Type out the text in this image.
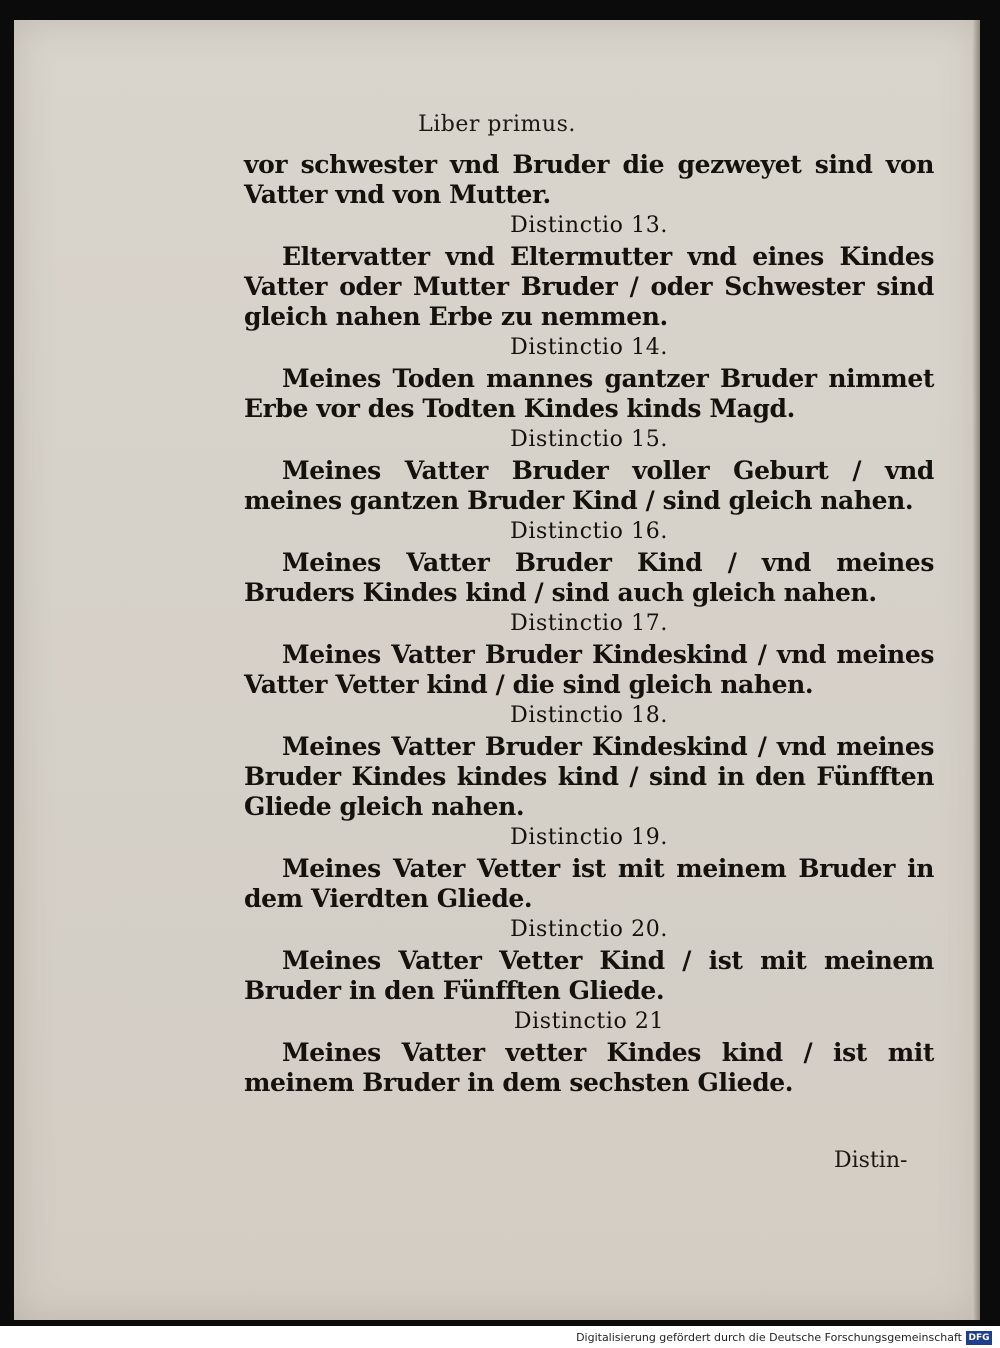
Liber primus.

vor schwester vnd Bruder die gezweyet sind von Vatter vnd von Mutter.

Distinctio 13.

Eltervatter vnd Eltermutter vnd eines Kindes Vatter oder Mutter Bruder / oder Schwester sind gleich nahen Erbe zu nemmen.

Distinctio 14.

Meines Toden mannes gantzer Bruder nimmet Erbe vor des Todten Kindes kinds Magd.

Distinctio 15.

Meines Vatter Bruder voller Geburt / vnd meines gantzen Bruder Kind / sind gleich nahen.

Distinctio 16.

Meines Vatter Bruder Kind / vnd meines Bruders Kindes kind / sind auch gleich nahen.

Distinctio 17.

Meines Vatter Bruder Kindeskind / vnd meines Vatter Vetter kind / die sind gleich nahen.

Distinctio 18.

Meines Vatter Bruder Kindeskind / vnd meines Bruder Kindes kindes kind / sind in den Fünfften Gliede gleich nahen.

Distinctio 19.

Meines Vater Vetter ist mit meinem Bruder in dem Vierdten Gliede.

Distinctio 20.

Meines Vatter Vetter Kind / ist mit meinem Bruder in den Fünfften Gliede.

Distinctio 21

Meines Vatter vetter Kindes kind / ist mit meinem Bruder in dem sechsten Gliede.

Distin-
Digitalisierung gefördert durch die Deutsche Forschungsgemeinschaft DFG
